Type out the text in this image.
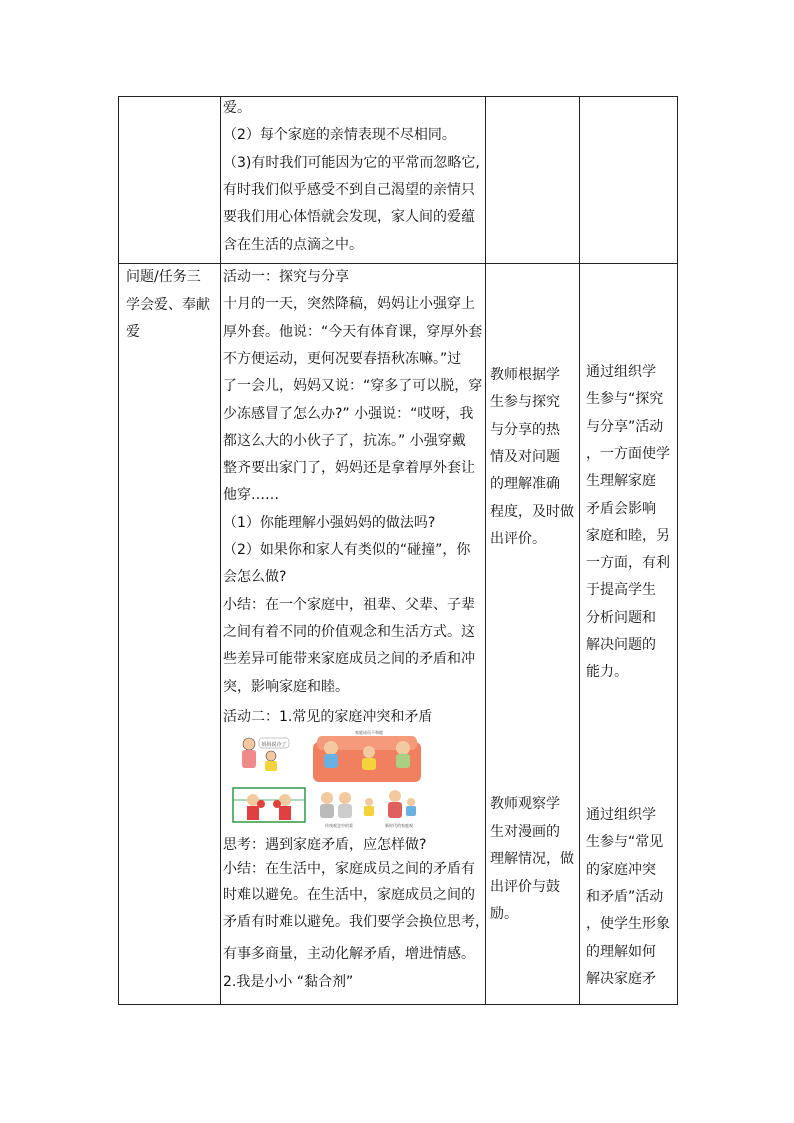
爱。
（2）每个家庭的亲情表现不尽相同。
（3)有时我们可能因为它的平常而忽略它,
有时我们似乎感受不到自己渴望的亲情只
要我们用心体悟就会发现，家人间的爱蕴
含在生活的点滴之中。
问题/任务三
学会爱、奉献
爱
活动一：探究与分享
十月的一天，突然降稿，妈妈让小强穿上
厚外套。他说：“今天有体育课，穿厚外套
不方便运动，更何况要春捂秋冻嘛。”过
了一会儿，妈妈又说：“穿多了可以脱，穿
少冻感冒了怎么办?” 小强说：“哎呀，我
都这么大的小伙子了，抗冻。” 小强穿戴
整齐要出家门了，妈妈还是拿着厚外套让
他穿……
（1）你能理解小强妈妈的做法吗?
（2）如果你和家人有类似的“碰撞”，你
会怎么做?
小结：在一个家庭中，祖辈、父辈、子辈
之间有着不同的价值观念和生活方式。这
些差异可能带来家庭成员之间的矛盾和冲
突，影响家庭和睦。
思考：遇到家庭矛盾，应怎样做?
小结：在生活中，家庭成员之间的矛盾有
时难以避免。在生活中，家庭成员之间的
矛盾有时难以避免。我们要学会换位思考，
有事多商量，主动化解矛盾，增进情感。
2.我是小小 “黏合剂”
教师根据学
生参与探究
与分享的热
情及对问题
的理解准确
程度，及时做
出评价。
教师观察学
生对漫画的
理解情况，做
出评价与鼓
励。
通过组织学
生参与“探究
与分享”活动
，一方面使学
生理解家庭
矛盾会影响
家庭和睦，另
一方面，有利
于提高学生
分析问题和
解决问题的
能力。
通过组织学
生参与“常见
的家庭冲突
和矛盾”活动
，使学生形象
的理解如何
解决家庭矛
活动二：1.常见的家庭冲突和矛盾
妈妈说冷了
家庭成员不和睦
传统观念中的爱	新时代的家庭观
